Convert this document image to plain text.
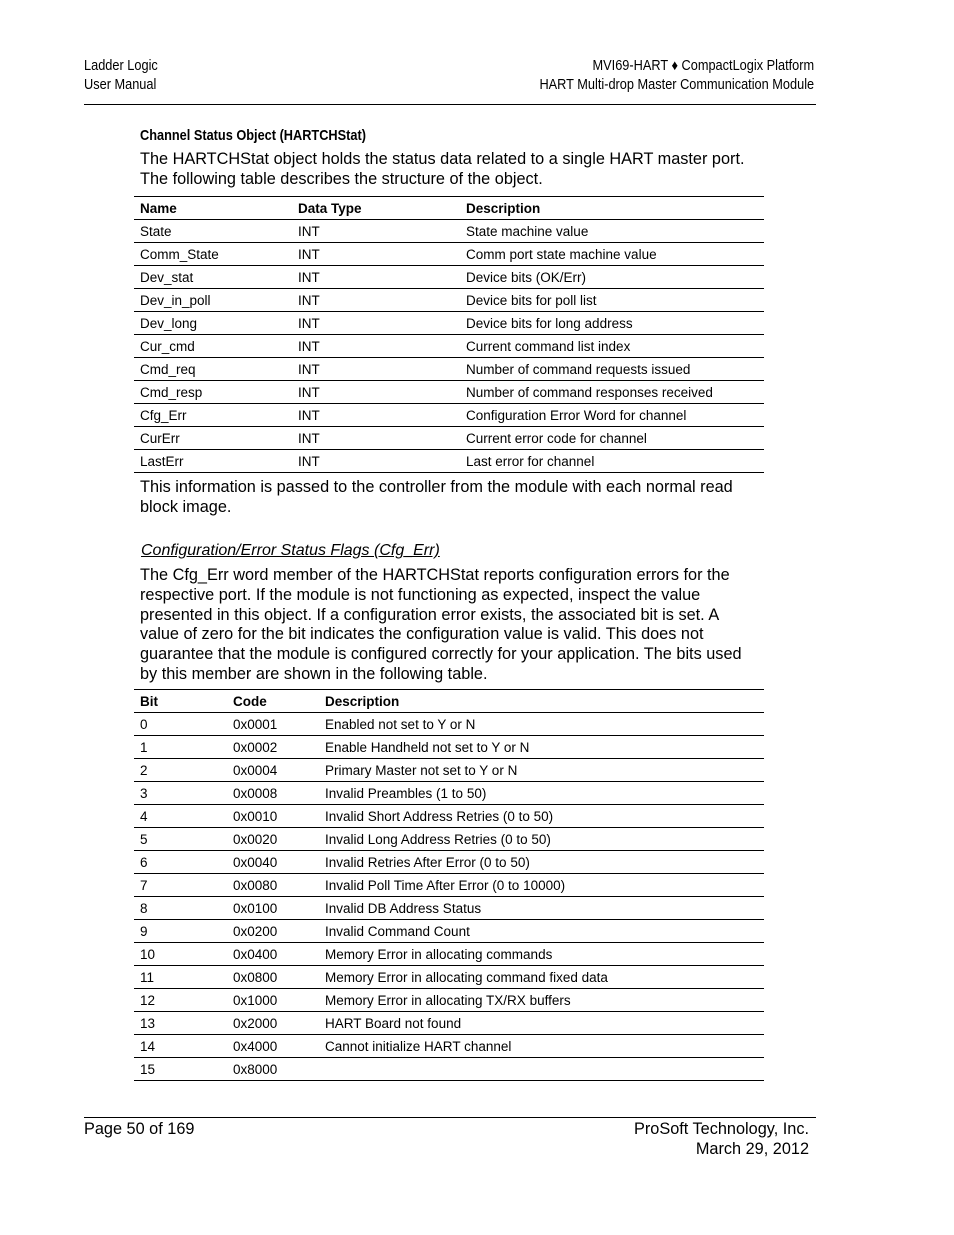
Ladder Logic
User Manual
MVI69-HART ♦ CompactLogix Platform
HART Multi-drop Master Communication Module
Channel Status Object (HARTCHStat)
The HARTCHStat object holds the status data related to a single HART master port. The following table describes the structure of the object.
Name	Data Type	Description
State	INT	State machine value
Comm_State	INT	Comm port state machine value
Dev_stat	INT	Device bits (OK/Err)
Dev_in_poll	INT	Device bits for poll list
Dev_long	INT	Device bits for long address
Cur_cmd	INT	Current command list index
Cmd_req	INT	Number of command requests issued
Cmd_resp	INT	Number of command responses received
Cfg_Err	INT	Configuration Error Word for channel
CurErr	INT	Current error code for channel
LastErr	INT	Last error for channel
This information is passed to the controller from the module with each normal read block image.
Configuration/Error Status Flags (Cfg_Err)
The Cfg_Err word member of the HARTCHStat reports configuration errors for the respective port. If the module is not functioning as expected, inspect the value presented in this object. If a configuration error exists, the associated bit is set. A value of zero for the bit indicates the configuration value is valid. This does not guarantee that the module is configured correctly for your application. The bits used by this member are shown in the following table.
Bit	Code	Description
0	0x0001	Enabled not set to Y or N
1	0x0002	Enable Handheld not set to Y or N
2	0x0004	Primary Master not set to Y or N
3	0x0008	Invalid Preambles (1 to 50)
4	0x0010	Invalid Short Address Retries (0 to 50)
5	0x0020	Invalid Long Address Retries (0 to 50)
6	0x0040	Invalid Retries After Error (0 to 50)
7	0x0080	Invalid Poll Time After Error (0 to 10000)
8	0x0100	Invalid DB Address Status
9	0x0200	Invalid Command Count
10	0x0400	Memory Error in allocating commands
11	0x0800	Memory Error in allocating command fixed data
12	0x1000	Memory Error in allocating TX/RX buffers
13	0x2000	HART Board not found
14	0x4000	Cannot initialize HART channel
15	0x8000	
Page 50 of 169	ProSoft Technology, Inc.
March 29, 2012
